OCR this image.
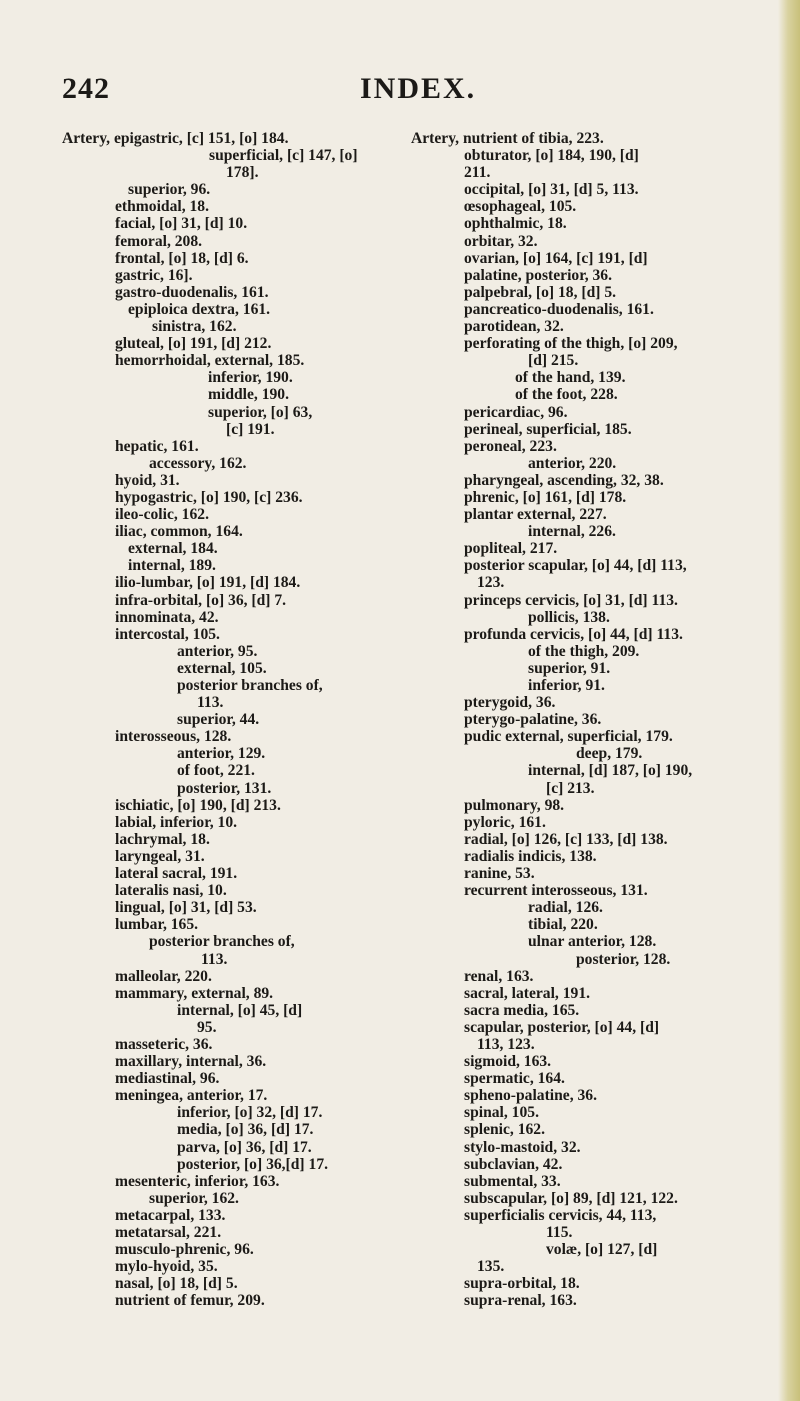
242	INDEX.
Artery, epigastric, [c] 151, [o] 184.
superficial, [c] 147, [o]
178].
superior, 96.
ethmoidal, 18.
facial, [o] 31, [d] 10.
femoral, 208.
frontal, [o] 18, [d] 6.
gastric, 16].
gastro-duodenalis, 161.
epiploica dextra, 161.
sinistra, 162.
gluteal, [o] 191, [d] 212.
hemorrhoidal, external, 185.
inferior, 190.
middle, 190.
superior, [o] 63,
[c] 191.
hepatic, 161.
accessory, 162.
hyoid, 31.
hypogastric, [o] 190, [c] 236.
ileo-colic, 162.
iliac, common, 164.
external, 184.
internal, 189.
ilio-lumbar, [o] 191, [d] 184.
infra-orbital, [o] 36, [d] 7.
innominata, 42.
intercostal, 105.
anterior, 95.
external, 105.
posterior branches of,
113.
superior, 44.
interosseous, 128.
anterior, 129.
of foot, 221.
posterior, 131.
ischiatic, [o] 190, [d] 213.
labial, inferior, 10.
lachrymal, 18.
laryngeal, 31.
lateral sacral, 191.
lateralis nasi, 10.
lingual, [o] 31, [d] 53.
lumbar, 165.
posterior branches of,
113.
malleolar, 220.
mammary, external, 89.
internal, [o] 45, [d]
95.
masseteric, 36.
maxillary, internal, 36.
mediastinal, 96.
meningea, anterior, 17.
inferior, [o] 32, [d] 17.
media, [o] 36, [d] 17.
parva, [o] 36, [d] 17.
posterior, [o] 36,[d] 17.
mesenteric, inferior, 163.
superior, 162.
metacarpal, 133.
metatarsal, 221.
musculo-phrenic, 96.
mylo-hyoid, 35.
nasal, [o] 18, [d] 5.
nutrient of femur, 209.
Artery, nutrient of tibia, 223.
obturator, [o] 184, 190, [d]
211.
occipital, [o] 31, [d] 5, 113.
œsophageal, 105.
ophthalmic, 18.
orbitar, 32.
ovarian, [o] 164, [c] 191, [d]
palatine, posterior, 36.
palpebral, [o] 18, [d] 5.
pancreatico-duodenalis, 161.
parotidean, 32.
perforating of the thigh, [o] 209,
[d] 215.
of the hand, 139.
of the foot, 228.
pericardiac, 96.
perineal, superficial, 185.
peroneal, 223.
anterior, 220.
pharyngeal, ascending, 32, 38.
phrenic, [o] 161, [d] 178.
plantar external, 227.
internal, 226.
popliteal, 217.
posterior scapular, [o] 44, [d] 113,
123.
princeps cervicis, [o] 31, [d] 113.
pollicis, 138.
profunda cervicis, [o] 44, [d] 113.
of the thigh, 209.
superior, 91.
inferior, 91.
pterygoid, 36.
pterygo-palatine, 36.
pudic external, superficial, 179.
deep, 179.
internal, [d] 187, [o] 190,
[c] 213.
pulmonary, 98.
pyloric, 161.
radial, [o] 126, [c] 133, [d] 138.
radialis indicis, 138.
ranine, 53.
recurrent interosseous, 131.
radial, 126.
tibial, 220.
ulnar anterior, 128.
posterior, 128.
renal, 163.
sacral, lateral, 191.
sacra media, 165.
scapular, posterior, [o] 44, [d]
113, 123.
sigmoid, 163.
spermatic, 164.
spheno-palatine, 36.
spinal, 105.
splenic, 162.
stylo-mastoid, 32.
subclavian, 42.
submental, 33.
subscapular, [o] 89, [d] 121, 122.
superficialis cervicis, 44, 113,
115.
volæ, [o] 127, [d]
135.
supra-orbital, 18.
supra-renal, 163.
